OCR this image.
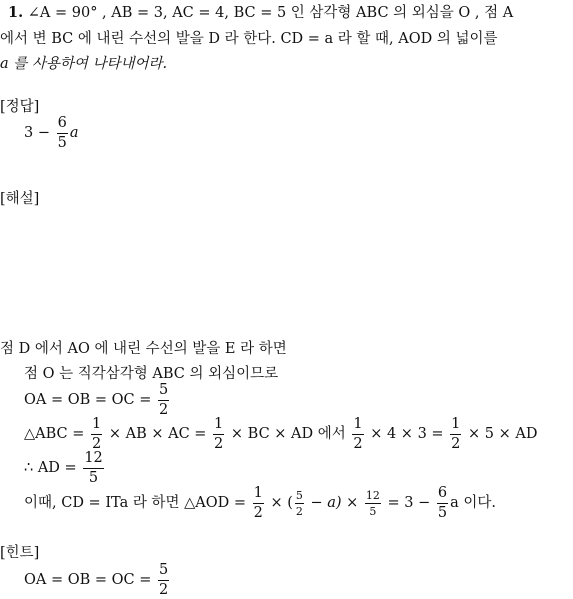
1. ∠A = 90° , AB = 3, AC = 4, BC = 5 인 삼각형 ABC 의 외심을 O , 점 A
에서 변 BC 에 내린 수선의 발을 D 라 한다. CD = a 라 할 때, AOD 의 넓이를
a 를 사용하여 나타내어라.
[정답]
$3 - \frac{6}{5}$ a
[해설]
점 D 에서 AO 에 내린 수선의 발을 E 라 하면
점 O 는 직각삼각형 ABC 의 외심이므로
OA = OB = OC = $\frac{5}{2}$
△ABC = $\frac{1}{2}$ × AB × AC = $\frac{1}{2}$ × BC × AD 에서 $\frac{1}{2} \times 4 \times 3 = \frac{1}{2} \times 5$ × AD
∴ AD = $\frac{12}{5}$
이때, CD = ITa 라 하면 △AOD = $\frac{1}{2}$ × ( $\frac{5}{2} - a) \times \frac{12}{5} = 3 - \frac{6}{5}$ a 이다.
[힌트]
OA = OB = OC = $\frac{5}{2}$
